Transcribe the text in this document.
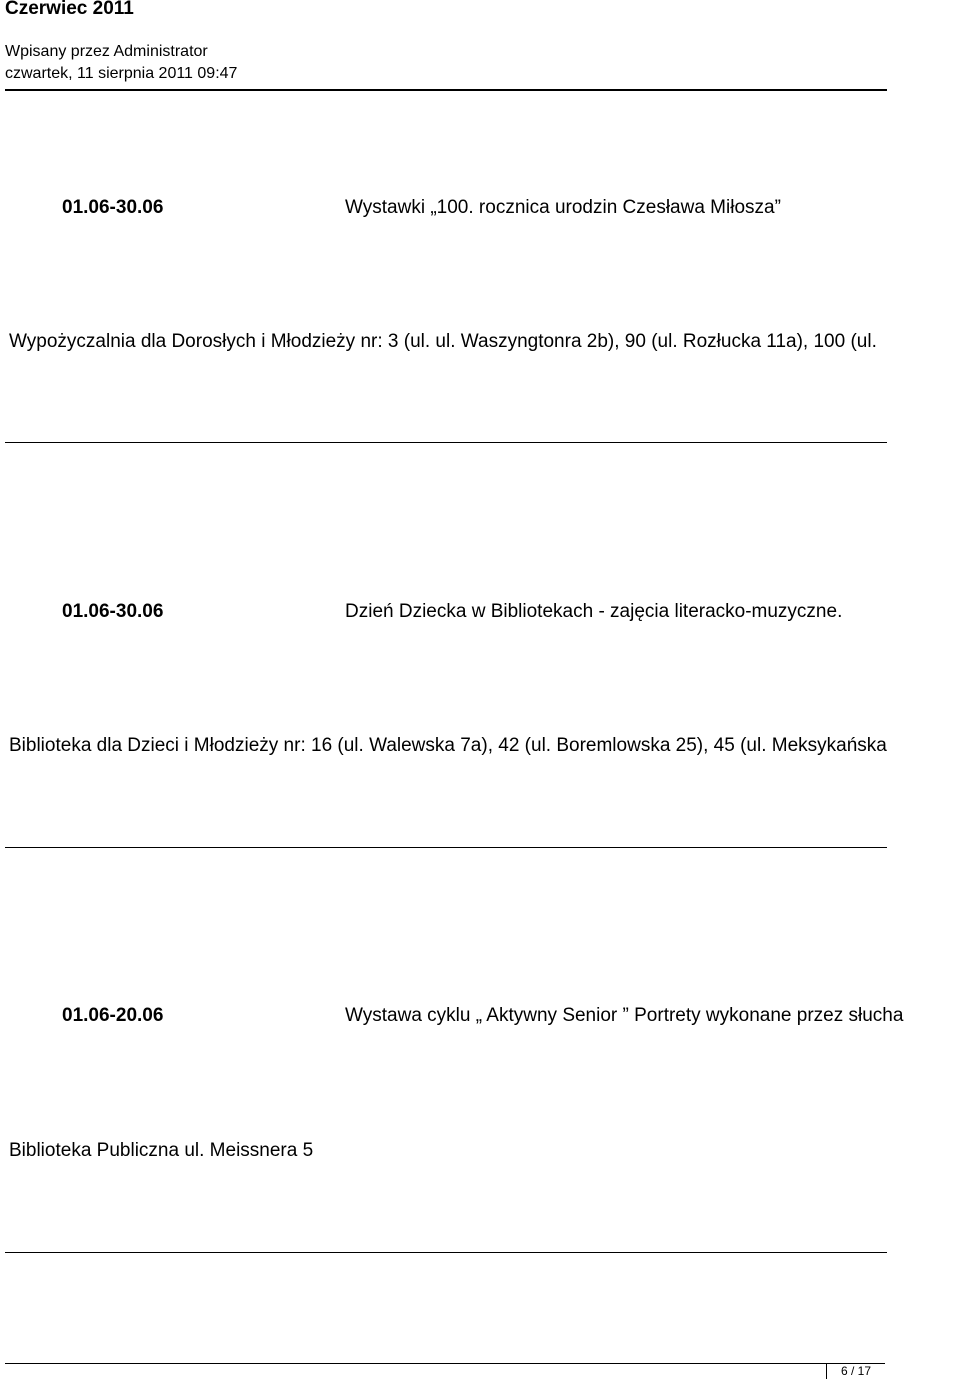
Czerwiec 2011
Wpisany przez Administrator
czwartek, 11 sierpnia 2011 09:47
01.06-30.06	Wystawki „100. rocznica urodzin Czesława Miłosza”
Wypożyczalnia dla Dorosłych i Młodzieży nr: 3 (ul. ul. Waszyngtonra 2b), 90 (ul. Rozłucka 11a), 100 (ul.
01.06-30.06	Dzień Dziecka w Bibliotekach - zajęcia literacko-muzyczne.
Biblioteka dla Dzieci i Młodzieży nr: 16 (ul. Walewska 7a), 42 (ul. Boremlowska 25), 45 (ul. Meksykańska
01.06-20.06	Wystawa cyklu „ Aktywny Senior ” Portrety wykonane przez słucha
Biblioteka Publiczna ul. Meissnera 5
6 / 17
